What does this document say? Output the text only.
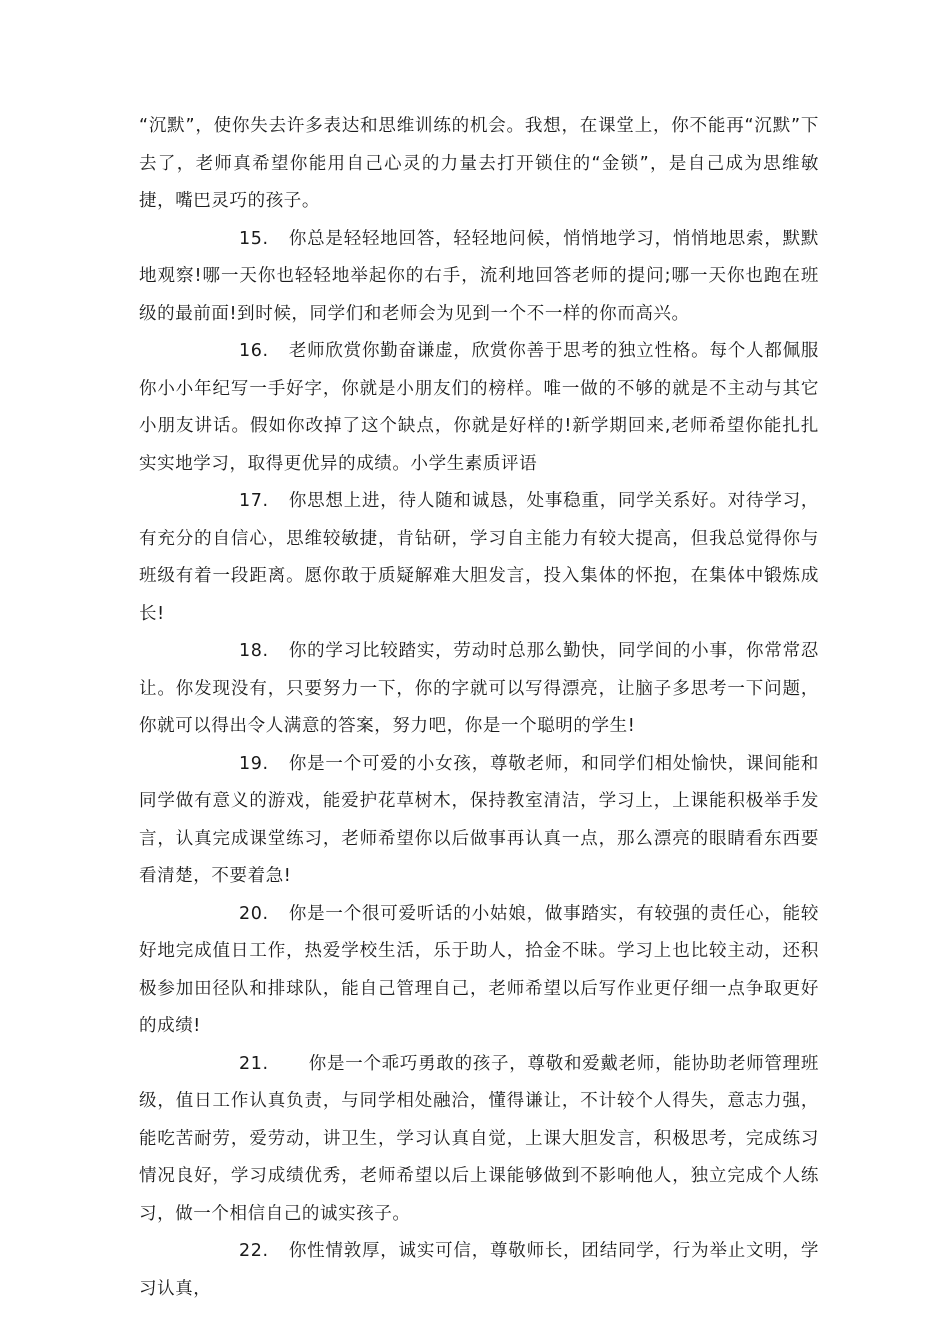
“沉默”，使你失去许多表达和思维训练的机会。我想，在课堂上，你不能再“沉默”下去了，老师真希望你能用自己心灵的力量去打开锁住的“金锁”，是自己成为思维敏捷，嘴巴灵巧的孩子。

15. 你总是轻轻地回答，轻轻地问候，悄悄地学习，悄悄地思索，默默地观察!哪一天你也轻轻地举起你的右手，流利地回答老师的提问;哪一天你也跑在班级的最前面!到时候，同学们和老师会为见到一个不一样的你而高兴。

16. 老师欣赏你勤奋谦虚，欣赏你善于思考的独立性格。每个人都佩服你小小年纪写一手好字，你就是小朋友们的榜样。唯一做的不够的就是不主动与其它小朋友讲话。假如你改掉了这个缺点，你就是好样的!新学期回来,老师希望你能扎扎实实地学习，取得更优异的成绩。小学生素质评语

17. 你思想上进，待人随和诚恳，处事稳重，同学关系好。对待学习，有充分的自信心，思维较敏捷，肯钻研，学习自主能力有较大提高，但我总觉得你与班级有着一段距离。愿你敢于质疑解难大胆发言，投入集体的怀抱，在集体中锻炼成长!

18. 你的学习比较踏实，劳动时总那么勤快，同学间的小事，你常常忍让。你发现没有，只要努力一下，你的字就可以写得漂亮，让脑子多思考一下问题，你就可以得出令人满意的答案，努力吧，你是一个聪明的学生!

19. 你是一个可爱的小女孩，尊敬老师，和同学们相处愉快，课间能和同学做有意义的游戏，能爱护花草树木，保持教室清洁，学习上，上课能积极举手发言，认真完成课堂练习，老师希望你以后做事再认真一点，那么漂亮的眼睛看东西要看清楚，不要着急!

20. 你是一个很可爱听话的小姑娘，做事踏实，有较强的责任心，能较好地完成值日工作，热爱学校生活，乐于助人，拾金不昧。学习上也比较主动，还积极参加田径队和排球队，能自己管理自己，老师希望以后写作业更仔细一点争取更好的成绩!

21. 你是一个乖巧勇敢的孩子，尊敬和爱戴老师，能协助老师管理班级，值日工作认真负责，与同学相处融洽，懂得谦让，不计较个人得失，意志力强，能吃苦耐劳，爱劳动，讲卫生，学习认真自觉，上课大胆发言，积极思考，完成练习情况良好，学习成绩优秀，老师希望以后上课能够做到不影响他人，独立完成个人练习，做一个相信自己的诚实孩子。

22. 你性情敦厚，诚实可信，尊敬师长，团结同学，行为举止文明，学习认真，
